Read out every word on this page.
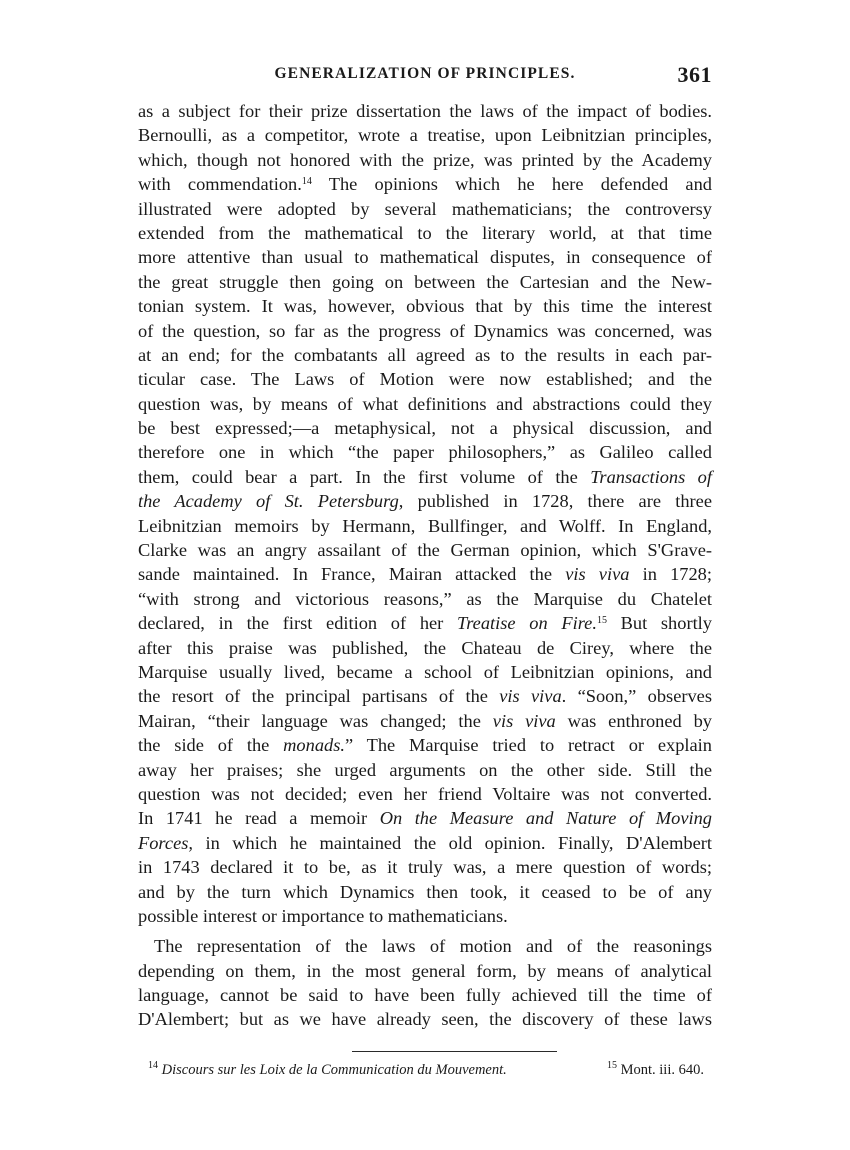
GENERALIZATION OF PRINCIPLES.	361
as a subject for their prize dissertation the laws of the impact of bodies.
Bernoulli, as a competitor, wrote a treatise, upon Leibnitzian principles,
which, though not honored with the prize, was printed by the Academy
with commendation.$^{14}$ The opinions which he here defended and
illustrated were adopted by several mathematicians; the controversy
extended from the mathematical to the literary world, at that time
more attentive than usual to mathematical disputes, in consequence of
the great struggle then going on between the Cartesian and the New-
tonian system. It was, however, obvious that by this time the interest
of the question, so far as the progress of Dynamics was concerned, was
at an end; for the combatants all agreed as to the results in each par-
ticular case. The Laws of Motion were now established; and the
question was, by means of what definitions and abstractions could they
be best expressed;—a metaphysical, not a physical discussion, and
therefore one in which “the paper philosophers,” as Galileo called
them, could bear a part. In the first volume of the Transactions of
the Academy of St. Petersburg, published in 1728, there are three
Leibnitzian memoirs by Hermann, Bullfinger, and Wolff. In England,
Clarke was an angry assailant of the German opinion, which S'Grave-
sande maintained. In France, Mairan attacked the vis viva in 1728;
“with strong and victorious reasons,” as the Marquise du Chatelet
declared, in the first edition of her Treatise on Fire.$^{15}$ But shortly
after this praise was published, the Chateau de Cirey, where the
Marquise usually lived, became a school of Leibnitzian opinions, and
the resort of the principal partisans of the vis viva. “Soon,” observes
Mairan, “their language was changed; the vis viva was enthroned by
the side of the monads.” The Marquise tried to retract or explain
away her praises; she urged arguments on the other side. Still the
question was not decided; even her friend Voltaire was not converted.
In 1741 he read a memoir On the Measure and Nature of Moving
Forces, in which he maintained the old opinion. Finally, D'Alembert
in 1743 declared it to be, as it truly was, a mere question of words;
and by the turn which Dynamics then took, it ceased to be of any
possible interest or importance to mathematicians.
The representation of the laws of motion and of the reasonings
depending on them, in the most general form, by means of analytical
language, cannot be said to have been fully achieved till the time of
D'Alembert; but as we have already seen, the discovery of these laws
$^{14}$ Discours sur les Loix de la Communication du Mouvement.	$^{15}$ Mont. iii. 640.
